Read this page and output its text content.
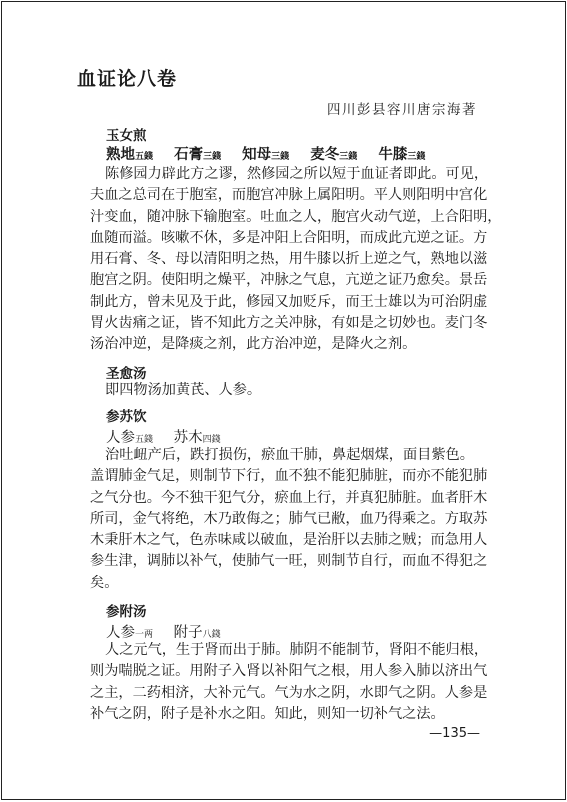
血证论八卷
四川彭县容川唐宗海著
玉女煎
熟地五錢 石膏三錢 知母三錢 麦冬三錢 牛膝三錢
陈修园力辟此方之谬，然修园之所以短于血证者即此。可见，
夫血之总司在于胞室，而胞宫冲脉上属阳明。平人则阳明中宫化
汁变血，随冲脉下输胞室。吐血之人，胞宫火动气逆，上合阳明，
血随而溢。咳嗽不休，多是冲阳上合阳明，而成此亢逆之证。方
用石膏、冬、母以清阳明之热，用牛膝以折上逆之气，熟地以滋
胞宫之阴。使阳明之燥平，冲脉之气息，亢逆之证乃愈矣。景岳
制此方，曾未见及于此，修园又加贬斥，而王士雄以为可治阴虚
胃火齿痛之证，皆不知此方之关冲脉，有如是之切妙也。麦门冬
汤治冲逆，是降痰之剂，此方治冲逆，是降火之剂。
圣愈汤
即四物汤加黄芪、人参。
参苏饮
人参五錢 苏木四錢
治吐衄产后，跌打损伤，瘀血干肺，鼻起烟煤，面目紫色。
盖谓肺金气足，则制节下行，血不独不能犯肺脏，而亦不能犯肺
之气分也。今不独干犯气分，瘀血上行，并真犯肺脏。血者肝木
所司，金气将绝，木乃敢侮之；肺气已敝，血乃得乘之。方取苏
木秉肝木之气，色赤味咸以破血，是治肝以去肺之贼；而急用人
参生津，调肺以补气，使肺气一旺，则制节自行，而血不得犯之
矣。
参附汤
人参一两 附子八錢
人之元气，生于肾而出于肺。肺阴不能制节，肾阳不能归根，
则为喘脱之证。用附子入肾以补阳气之根，用人参入肺以济出气
之主，二药相济，大补元气。气为水之阴，水即气之阴。人参是
补气之阴，附子是补水之阳。知此，则知一切补气之法。
—135—
